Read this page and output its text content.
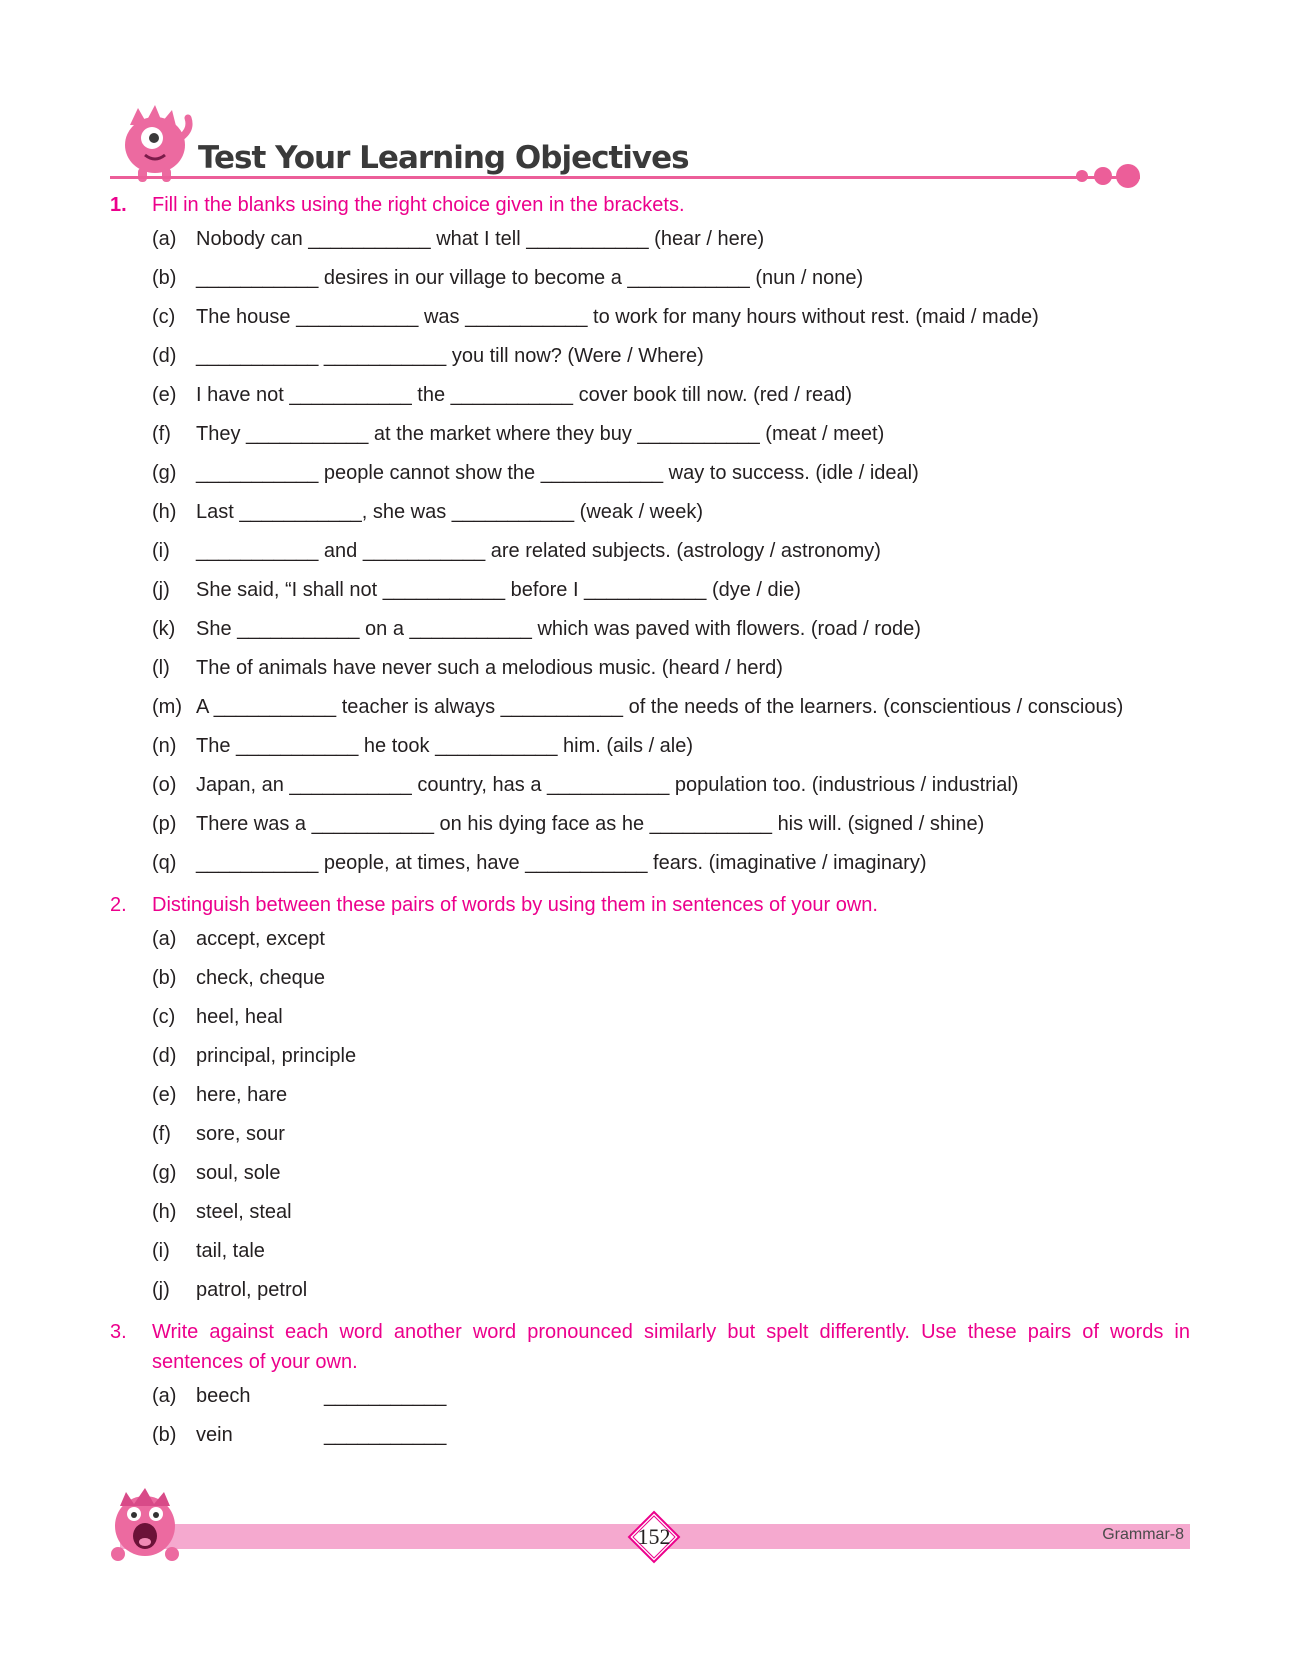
Test Your Learning Objectives
1. Fill in the blanks using the right choice given in the brackets.
(a) Nobody can ___________ what I tell ___________ (hear / here)
(b) ___________ desires in our village to become a ___________ (nun / none)
(c) The house ___________ was ___________ to work for many hours without rest. (maid / made)
(d) ___________ ___________ you till now? (Were / Where)
(e) I have not ___________ the ___________ cover book till now. (red / read)
(f) They ___________ at the market where they buy ___________ (meat / meet)
(g) ___________ people cannot show the ___________ way to success. (idle / ideal)
(h) Last ___________, she was ___________ (weak / week)
(i) ___________ and ___________ are related subjects. (astrology / astronomy)
(j) She said, “I shall not ___________ before I ___________ (dye / die)
(k) She ___________ on a ___________ which was paved with flowers. (road / rode)
(l) The of animals have never such a melodious music. (heard / herd)
(m) A ___________ teacher is always ___________ of the needs of the learners. (conscientious / conscious)
(n) The ___________ he took ___________ him. (ails / ale)
(o) Japan, an ___________ country, has a ___________ population too. (industrious / industrial)
(p) There was a ___________ on his dying face as he ___________ his will. (signed / shine)
(q) ___________ people, at times, have ___________ fears. (imaginative / imaginary)
2. Distinguish between these pairs of words by using them in sentences of your own.
(a) accept, except
(b) check, cheque
(c) heel, heal
(d) principal, principle
(e) here, hare
(f) sore, sour
(g) soul, sole
(h) steel, steal
(i) tail, tale
(j) patrol, petrol
3. Write against each word another word pronounced similarly but spelt differently. Use these pairs of words in sentences of your own.
(a) beech	___________
(b) vein	___________
152	Grammar-8
